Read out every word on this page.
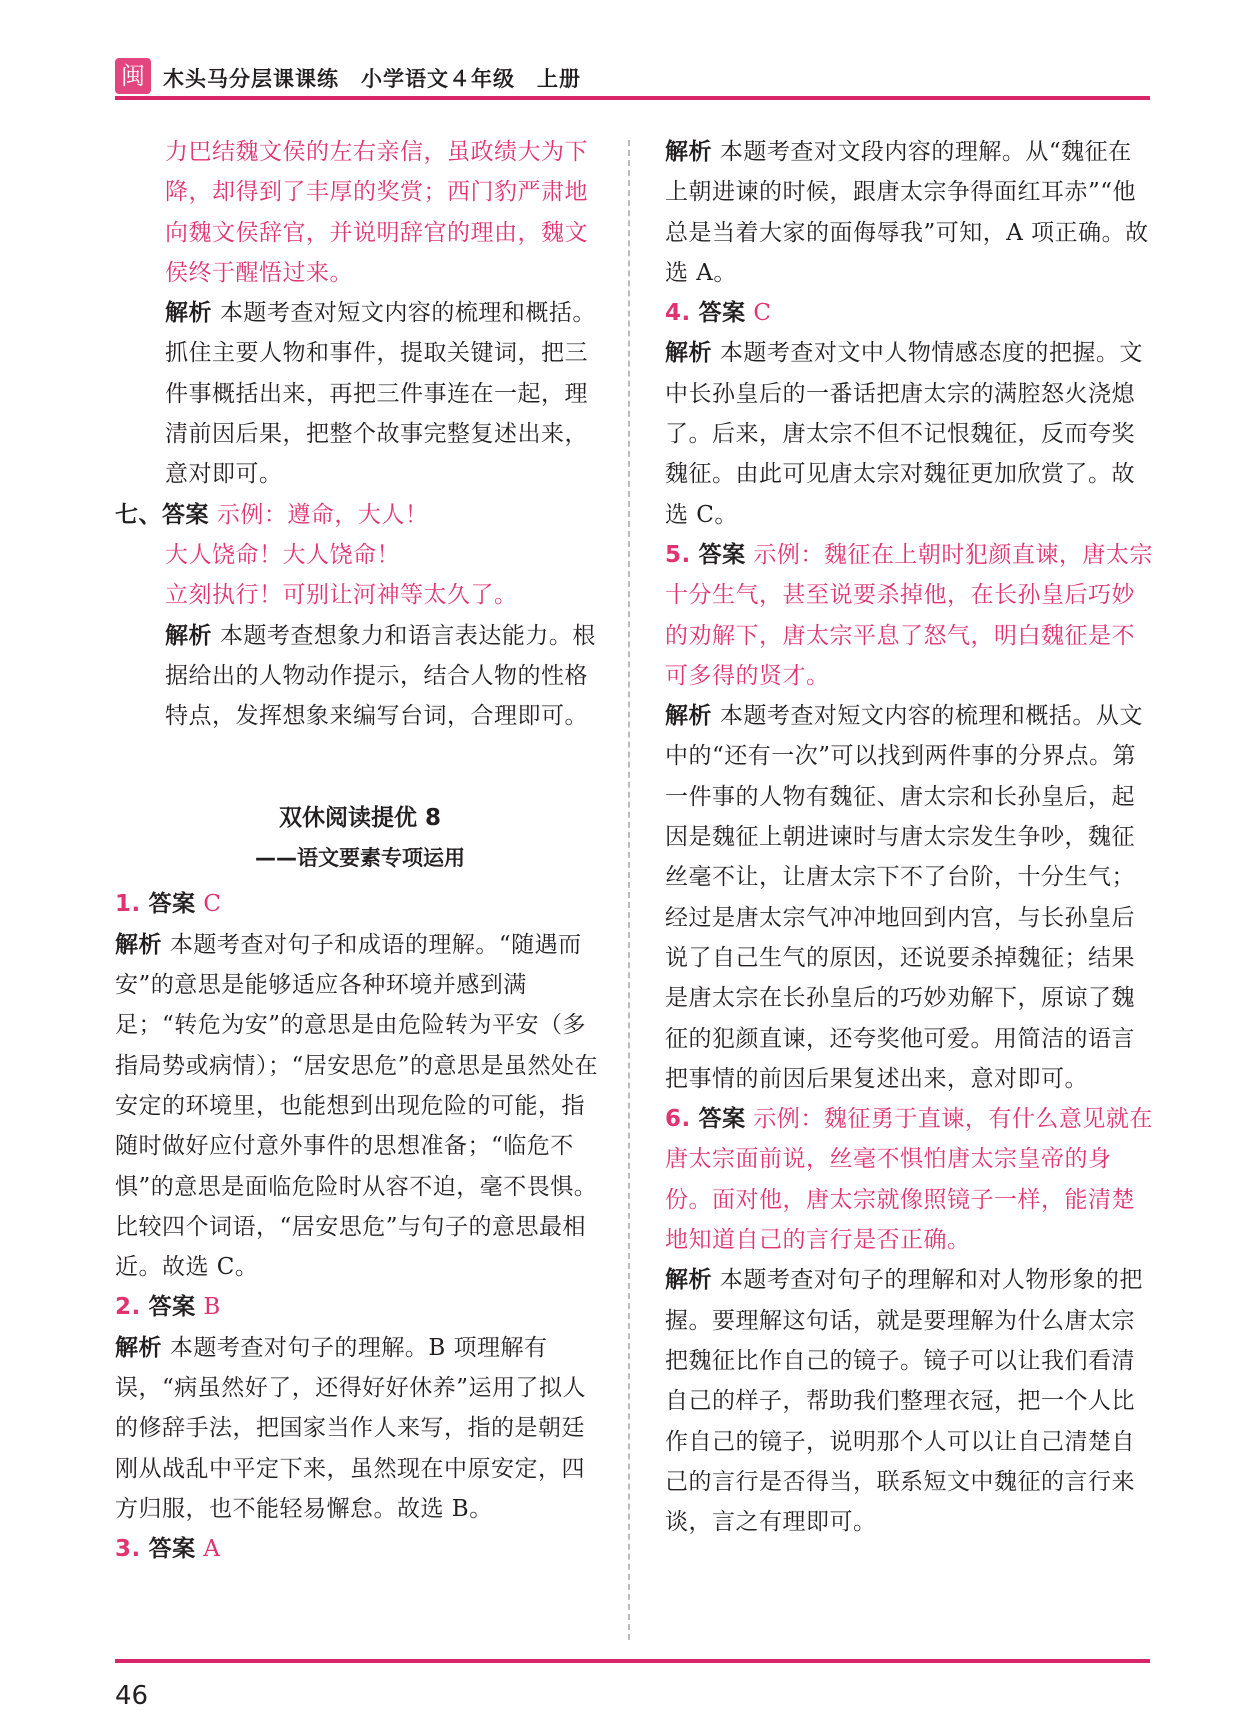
闽 木头马分层课课练　小学语文４年级　上册

力巴结魏文侯的左右亲信，虽政绩大为下降，却得到了丰厚的奖赏；西门豹严肃地向魏文侯辞官，并说明辞官的理由，魏文侯终于醒悟过来。

解析 本题考查对短文内容的梳理和概括。抓住主要人物和事件，提取关键词，把三件事概括出来，再把三件事连在一起，理清前因后果，把整个故事完整复述出来，意对即可。

七、答案 示例：遵命，大人！

大人饶命！大人饶命！

立刻执行！可别让河神等太久了。

解析 本题考查想象力和语言表达能力。根据给出的人物动作提示，结合人物的性格特点，发挥想象来编写台词，合理即可。

双休阅读提优 8

——语文要素专项运用

1. 答案 C

解析 本题考查对句子和成语的理解。“随遇而安”的意思是能够适应各种环境并感到满足；“转危为安”的意思是由危险转为平安（多指局势或病情）；“居安思危”的意思是虽然处在安定的环境里，也能想到出现危险的可能，指随时做好应付意外事件的思想准备；“临危不惧”的意思是面临危险时从容不迫，毫不畏惧。比较四个词语，“居安思危”与句子的意思最相近。故选 C。

2. 答案 B

解析 本题考查对句子的理解。B 项理解有误，“病虽然好了，还得好好休养”运用了拟人的修辞手法，把国家当作人来写，指的是朝廷刚从战乱中平定下来，虽然现在中原安定，四方归服，也不能轻易懈怠。故选 B。

3. 答案 A

解析 本题考查对文段内容的理解。从“魏征在上朝进谏的时候，跟唐太宗争得面红耳赤”“他总是当着大家的面侮辱我”可知，A 项正确。故选 A。

4. 答案 C

解析 本题考查对文中人物情感态度的把握。文中长孙皇后的一番话把唐太宗的满腔怒火浇熄了。后来，唐太宗不但不记恨魏征，反而夸奖魏征。由此可见唐太宗对魏征更加欣赏了。故选 C。

5. 答案 示例：魏征在上朝时犯颜直谏，唐太宗十分生气，甚至说要杀掉他，在长孙皇后巧妙的劝解下，唐太宗平息了怒气，明白魏征是不可多得的贤才。

解析 本题考查对短文内容的梳理和概括。从文中的“还有一次”可以找到两件事的分界点。第一件事的人物有魏征、唐太宗和长孙皇后，起因是魏征上朝进谏时与唐太宗发生争吵，魏征丝毫不让，让唐太宗下不了台阶，十分生气；经过是唐太宗气冲冲地回到内宫，与长孙皇后说了自己生气的原因，还说要杀掉魏征；结果是唐太宗在长孙皇后的巧妙劝解下，原谅了魏征的犯颜直谏，还夸奖他可爱。用简洁的语言把事情的前因后果复述出来，意对即可。

6. 答案 示例：魏征勇于直谏，有什么意见就在唐太宗面前说，丝毫不惧怕唐太宗皇帝的身份。面对他，唐太宗就像照镜子一样，能清楚地知道自己的言行是否正确。

解析 本题考查对句子的理解和对人物形象的把握。要理解这句话，就是要理解为什么唐太宗把魏征比作自己的镜子。镜子可以让我们看清自己的样子，帮助我们整理衣冠，把一个人比作自己的镜子，说明那个人可以让自己清楚自己的言行是否得当，联系短文中魏征的言行来谈，言之有理即可。

46
